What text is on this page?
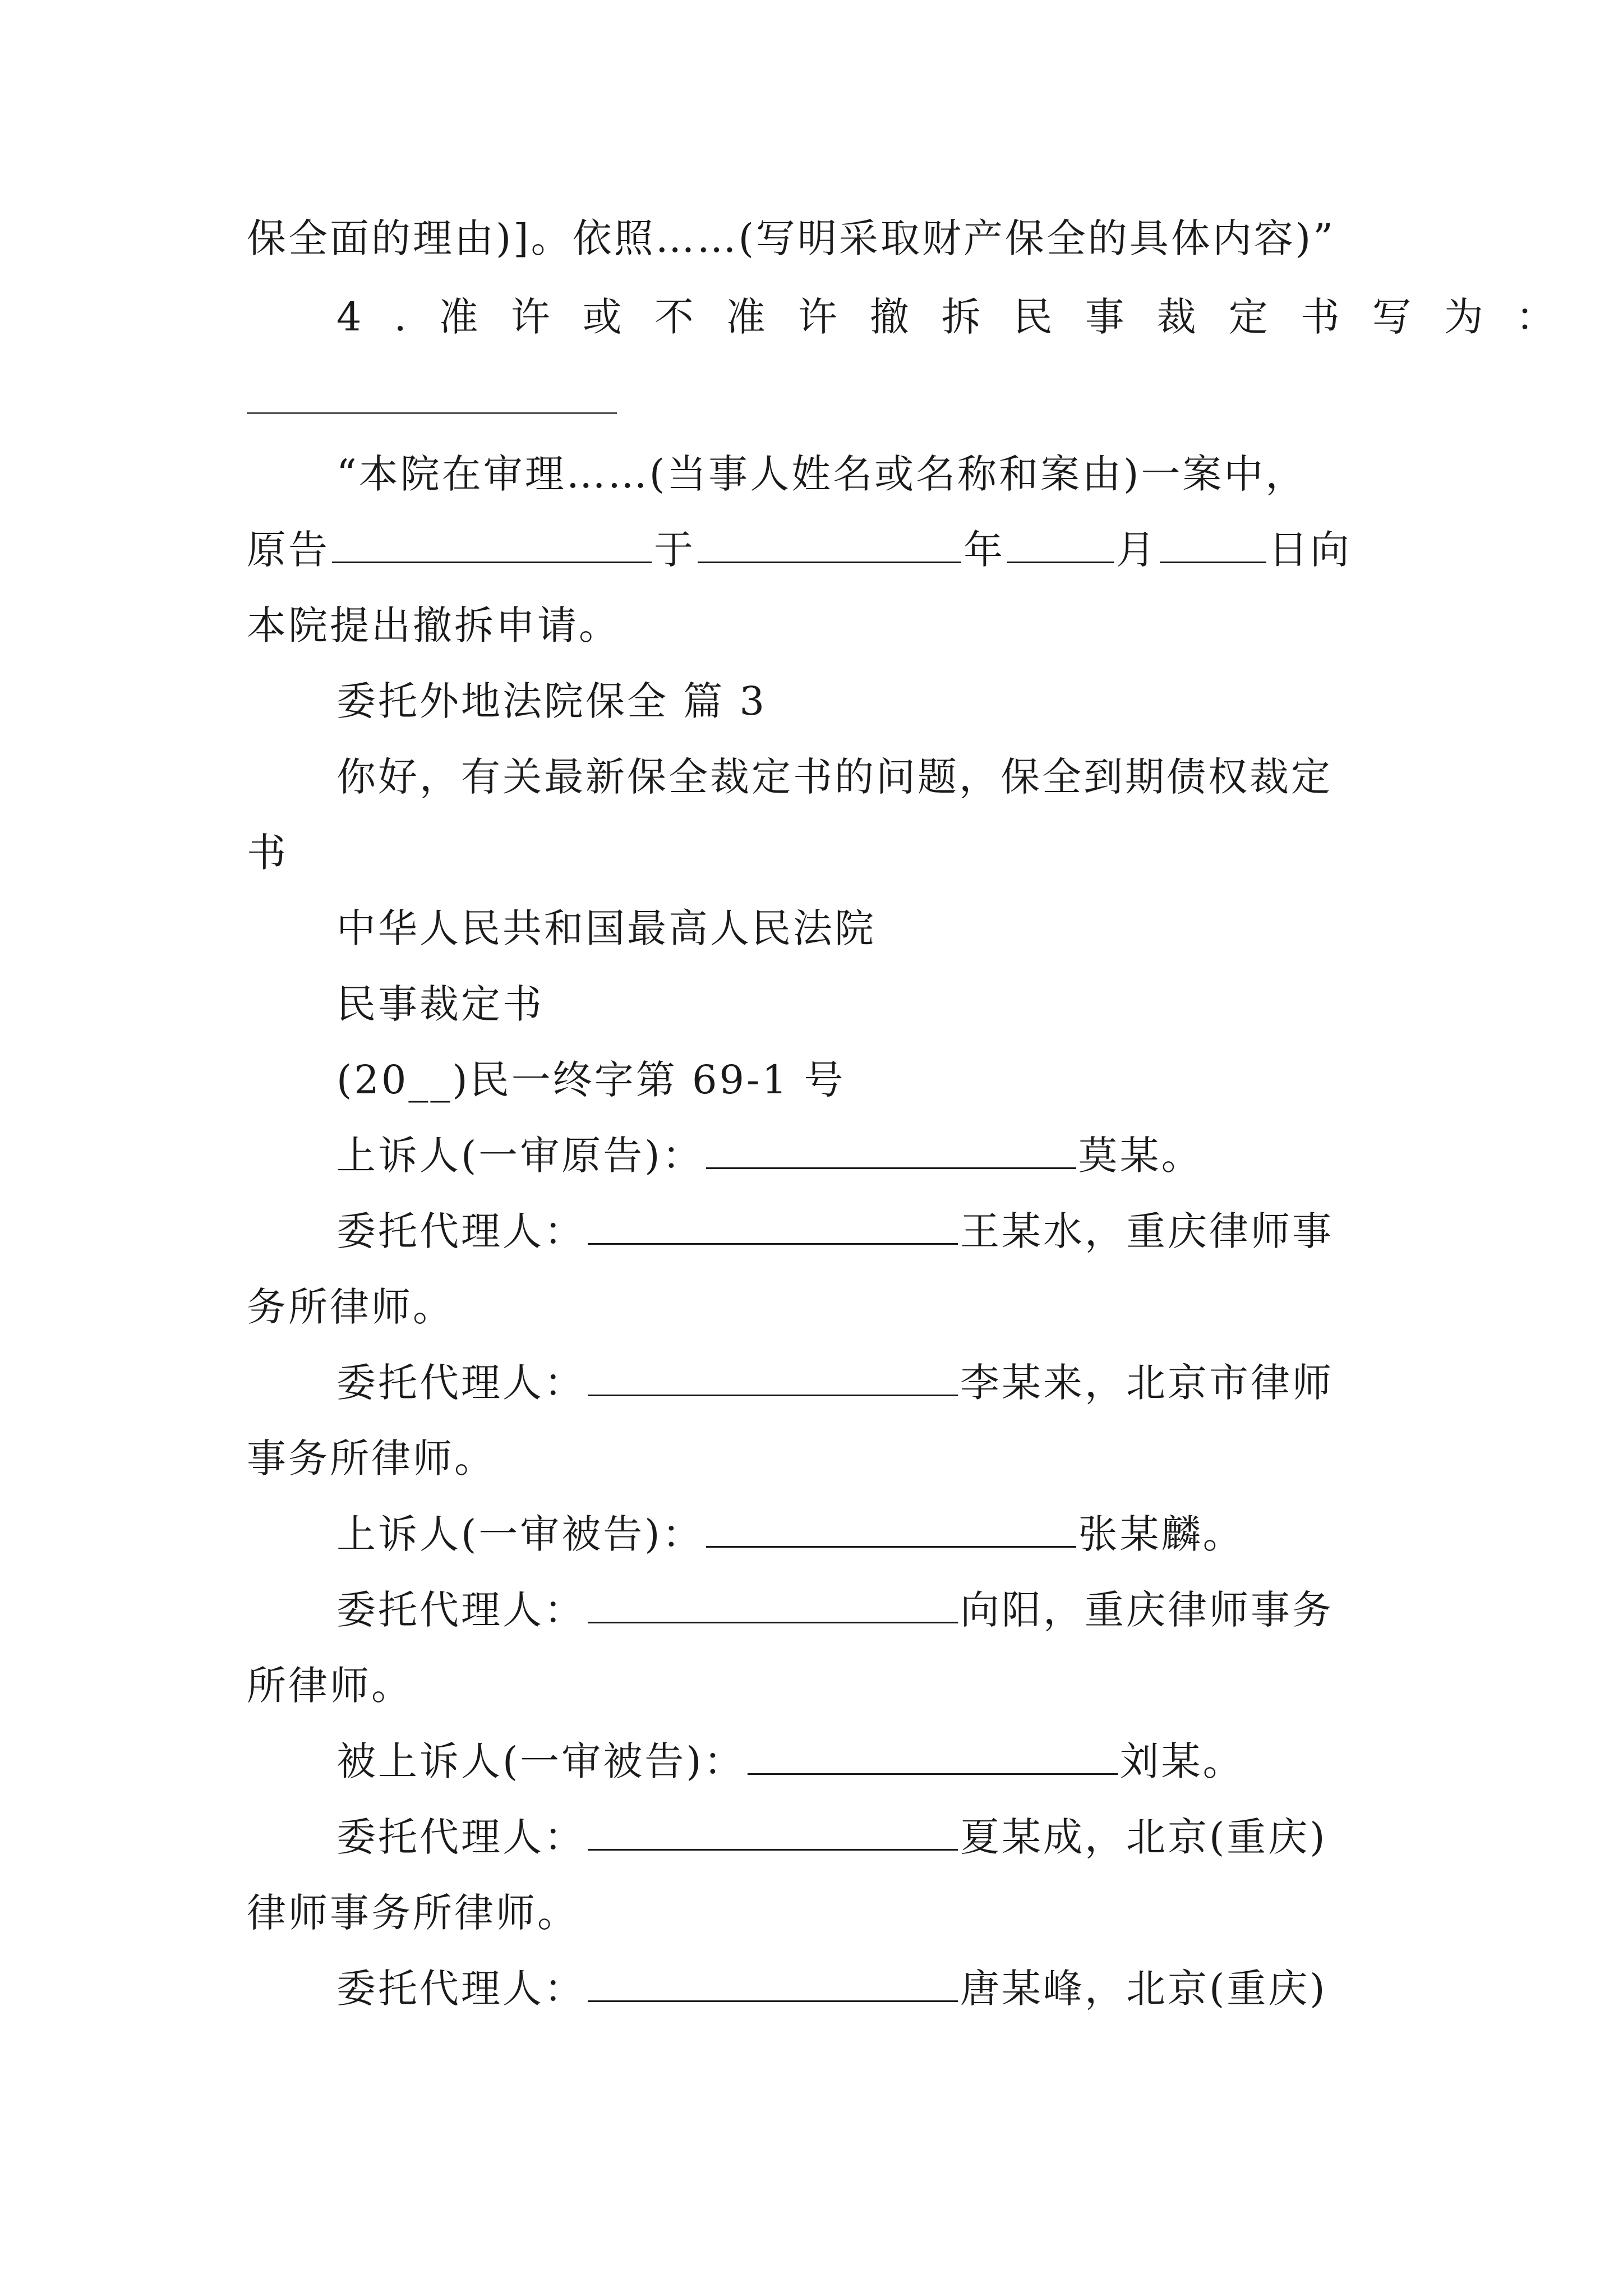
保全面的理由)]。依照……(写明采取财产保全的具体内容)”
4.准许或不准许撤拆民事裁定书写为：
“本院在审理……(当事人姓名或名称和案由)一案中，
原告	于	年	月	日向
本院提出撤拆申请。
委托外地法院保全 篇 3
你好，有关最新保全裁定书的问题，保全到期债权裁定
书
中华人民共和国最高人民法院
民事裁定书
(20__)民一终字第 69-1 号
上诉人(一审原告)：	莫某。
委托代理人：	王某水，重庆律师事
务所律师。
委托代理人：	李某来，北京市律师
事务所律师。
上诉人(一审被告)：	张某麟。
委托代理人：	向阳，重庆律师事务
所律师。
被上诉人(一审被告)：	刘某。
委托代理人：	夏某成，北京(重庆)
律师事务所律师。
委托代理人：	唐某峰，北京(重庆)
